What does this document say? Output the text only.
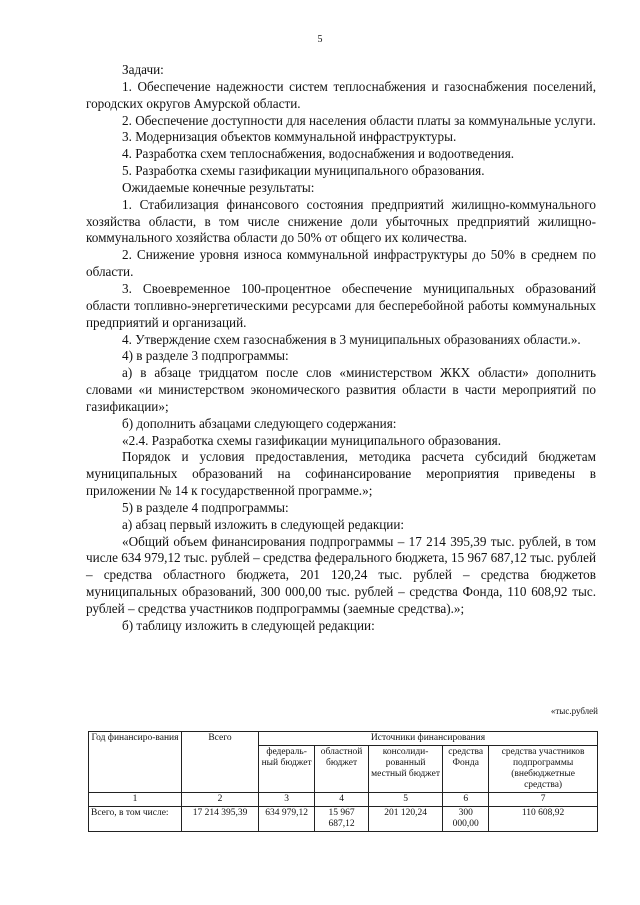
5

Задачи:

1. Обеспечение надежности систем теплоснабжения и газоснабжения поселений, городских округов Амурской области.

2. Обеспечение доступности для населения области платы за коммунальные услуги.

3. Модернизация объектов коммунальной инфраструктуры.

4. Разработка схем теплоснабжения, водоснабжения и водоотведения.

5. Разработка схемы газификации муниципального образования.

Ожидаемые конечные результаты:

1. Стабилизация финансового состояния предприятий жилищно-коммунального хозяйства области, в том числе снижение доли убыточных предприятий жилищно-коммунального хозяйства области до 50% от общего их количества.

2. Снижение уровня износа коммунальной инфраструктуры до 50% в среднем по области.

3. Своевременное 100-процентное обеспечение муниципальных образований области топливно-энергетическими ресурсами для бесперебойной работы коммунальных предприятий и организаций.

4. Утверждение схем газоснабжения в 3 муниципальных образованиях области.».

4) в разделе 3 подпрограммы:

а) в абзаце тридцатом после слов «министерством ЖКХ области» дополнить словами «и министерством экономического развития области в части мероприятий по газификации»;

б) дополнить абзацами следующего содержания:

«2.4. Разработка схемы газификации муниципального образования.

Порядок и условия предоставления, методика расчета субсидий бюджетам муниципальных образований на софинансирование мероприятия приведены в приложении № 14 к государственной программе.»;

5) в разделе 4 подпрограммы:

а) абзац первый изложить в следующей редакции:

«Общий объем финансирования подпрограммы – 17 214 395,39 тыс. рублей, в том числе 634 979,12 тыс. рублей – средства федерального бюджета, 15 967 687,12 тыс. рублей – средства областного бюджета, 201 120,24 тыс. рублей – средства бюджетов муниципальных образований, 300 000,00 тыс. рублей – средства Фонда, 110 608,92 тыс. рублей – средства участников подпрограммы (заемные средства).»;

б) таблицу изложить в следующей редакции:

«тыс.рублей
Год финансиро-вания	Всего	Источники финансирования				
		федераль-ный бюджет	областной бюджет	консолиди-рованный местный бюджет	средства Фонда	средства участников подпрограммы (внебюджетные средства)
1	2	3	4	5	6	7
Всего, в том числе:	17 214 395,39	634 979,12	15 967 687,12	201 120,24	300 000,00	110 608,92
